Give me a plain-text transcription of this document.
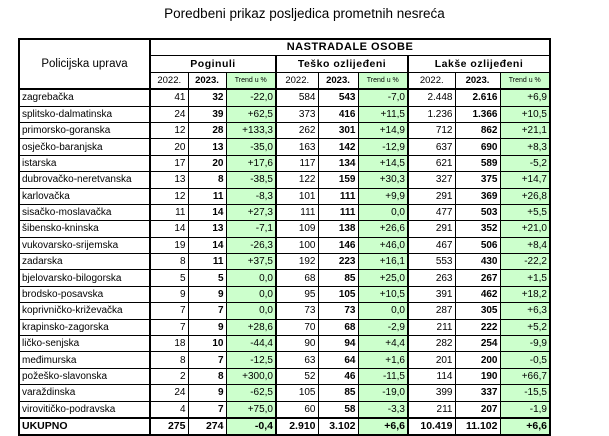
Poredbeni prikaz posljedica prometnih nesreća
Policijska uprava	NASTRADALE OSOBE								
	Poginuli			Teško ozlijeđeni			Lakše ozlijeđeni		
	2022.	2023.	Trend u %	2022.	2023.	Trend u %	2022.	2023.	Trend u %
zagrebačka	41	32	-22,0	584	543	-7,0	2.448	2.616	+6,9
splitsko-dalmatinska	24	39	+62,5	373	416	+11,5	1.236	1.366	+10,5
primorsko-goranska	12	28	+133,3	262	301	+14,9	712	862	+21,1
osječko-baranjska	20	13	-35,0	163	142	-12,9	637	690	+8,3
istarska	17	20	+17,6	117	134	+14,5	621	589	-5,2
dubrovačko-neretvanska	13	8	-38,5	122	159	+30,3	327	375	+14,7
karlovačka	12	11	-8,3	101	111	+9,9	291	369	+26,8
sisačko-moslavačka	11	14	+27,3	111	111	0,0	477	503	+5,5
šibensko-kninska	14	13	-7,1	109	138	+26,6	291	352	+21,0
vukovarsko-srijemska	19	14	-26,3	100	146	+46,0	467	506	+8,4
zadarska	8	11	+37,5	192	223	+16,1	553	430	-22,2
bjelovarsko-bilogorska	5	5	0,0	68	85	+25,0	263	267	+1,5
brodsko-posavska	9	9	0,0	95	105	+10,5	391	462	+18,2
koprivničko-križevačka	7	7	0,0	73	73	0,0	287	305	+6,3
krapinsko-zagorska	7	9	+28,6	70	68	-2,9	211	222	+5,2
ličko-senjska	18	10	-44,4	90	94	+4,4	282	254	-9,9
međimurska	8	7	-12,5	63	64	+1,6	201	200	-0,5
požeško-slavonska	2	8	+300,0	52	46	-11,5	114	190	+66,7
varaždinska	24	9	-62,5	105	85	-19,0	399	337	-15,5
virovitičko-podravska	4	7	+75,0	60	58	-3,3	211	207	-1,9
UKUPNO	275	274	-0,4	2.910	3.102	+6,6	10.419	11.102	+6,6
